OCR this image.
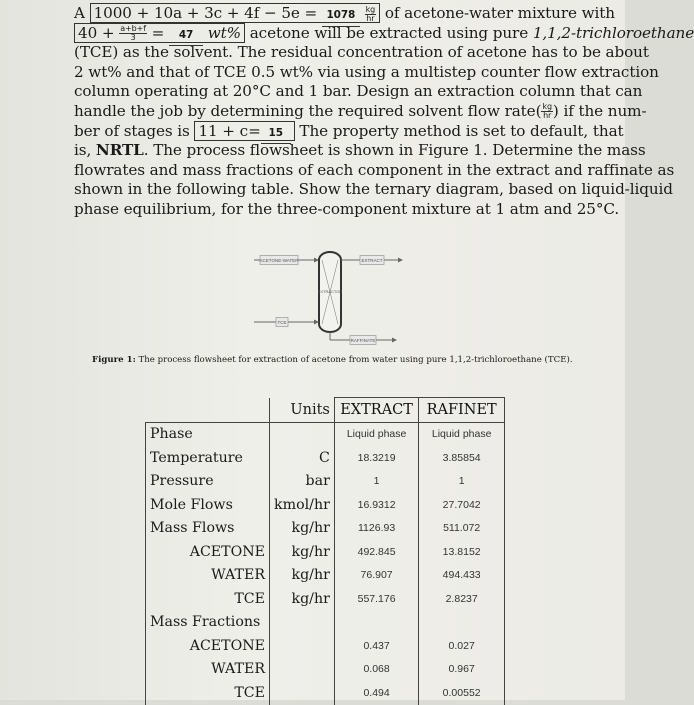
A $1000 + 10a + 3c + 4f - 5e = 1078 \frac{kg}{hr}$ of acetone-water mixture with
$40 + \frac{a+b+f}{3} = 47$ wt% acetone will be extracted using pure 1,1,2-trichloroethane
(TCE) as the solvent. The residual concentration of acetone has to be about
2 wt% and that of TCE 0.5 wt% via using a multistep counter flow extraction
column operating at 20°C and 1 bar. Design an extraction column that can
handle the job by determining the required solvent flow rate( $\frac{kg}{hr}$ ) if the num-
ber of stages is 11 + c= 15 The property method is set to default, that
is, NRTL. The process flowsheet is shown in Figure 1. Determine the mass
flowrates and mass fractions of each component in the extract and raffinate as
shown in the following table. Show the ternary diagram, based on liquid-liquid
phase equilibrium, for the three-component mixture at 1 atm and 25°C.
ACETONE-WATER
EXTRACTOR
EXTRACT
TCE
RAFFINATE
Figure 1: The process flowsheet for extraction of acetone from water using pure 1,1,2-trichloroethane (TCE).
	Units	EXTRACT	RAFINET
Phase		Liquid phase	Liquid phase
Temperature	C	18.3219	3.85854
Pressure	bar	1	1
Mole Flows	kmol/hr	16.9312	27.7042
Mass Flows	kg/hr	1126.93	511.072
ACETONE	kg/hr	492.845	13.8152
WATER	kg/hr	76.907	494.433
TCE	kg/hr	557.176	2.8237
Mass Fractions			
ACETONE		0.437	0.027
WATER		0.068	0.967
TCE		0.494	0.00552
